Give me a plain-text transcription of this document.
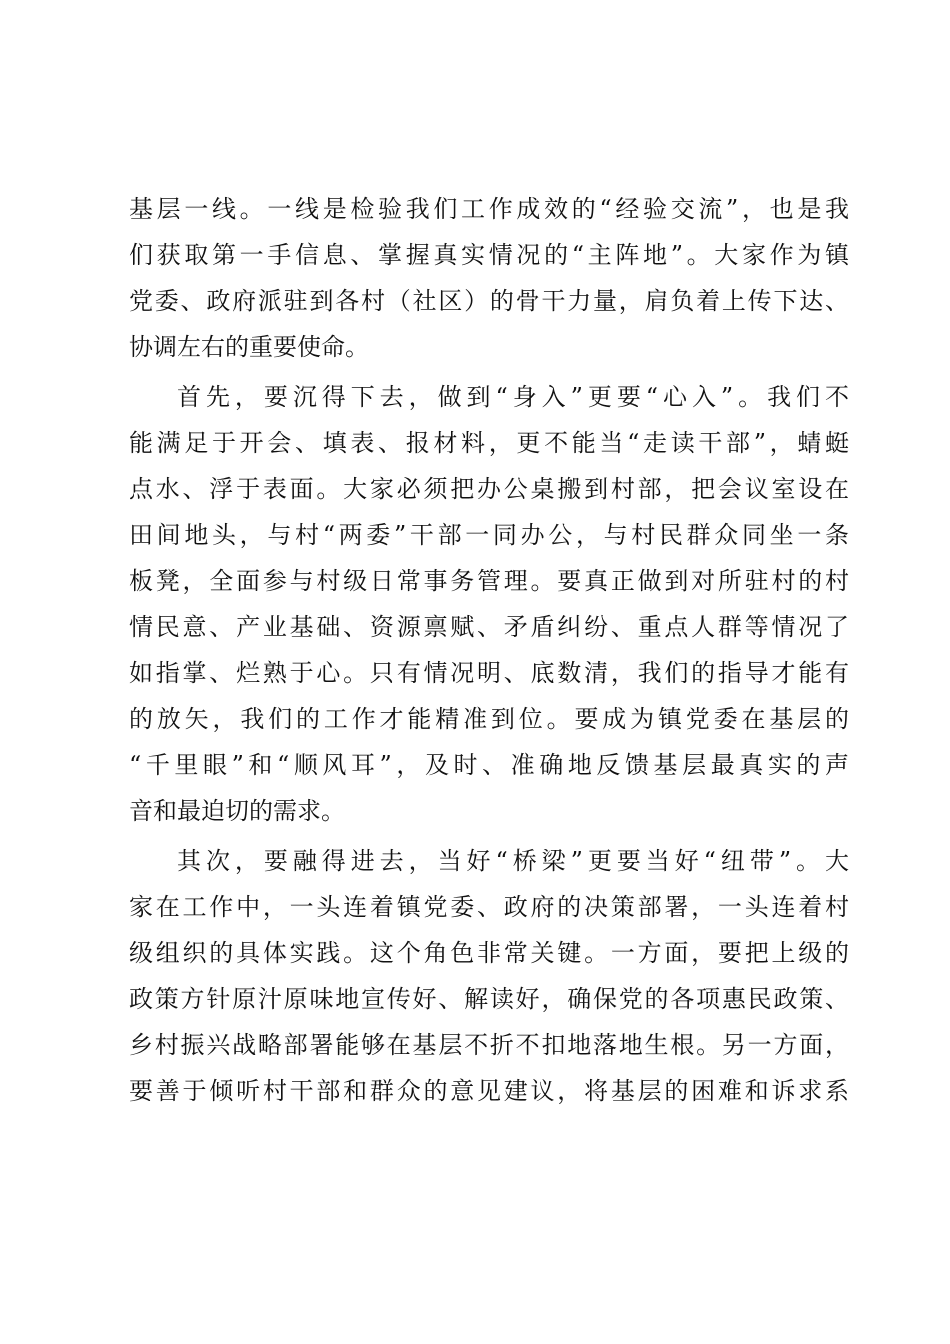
基层一线。一线是检验我们工作成效的“经验交流”，也是我
们获取第一手信息、掌握真实情况的“主阵地”。大家作为镇
党委、政府派驻到各村（社区）的骨干力量，肩负着上传下达、
协调左右的重要使命。
首先，要沉得下去，做到“身入”更要“心入”。我们不
能满足于开会、填表、报材料，更不能当“走读干部”，蜻蜓
点水、浮于表面。大家必须把办公桌搬到村部，把会议室设在
田间地头，与村“两委”干部一同办公，与村民群众同坐一条
板凳，全面参与村级日常事务管理。要真正做到对所驻村的村
情民意、产业基础、资源禀赋、矛盾纠纷、重点人群等情况了
如指掌、烂熟于心。只有情况明、底数清，我们的指导才能有
的放矢，我们的工作才能精准到位。要成为镇党委在基层的
“千里眼”和“顺风耳”，及时、准确地反馈基层最真实的声
音和最迫切的需求。
其次，要融得进去，当好“桥梁”更要当好“纽带”。大
家在工作中，一头连着镇党委、政府的决策部署，一头连着村
级组织的具体实践。这个角色非常关键。一方面，要把上级的
政策方针原汁原味地宣传好、解读好，确保党的各项惠民政策、
乡村振兴战略部署能够在基层不折不扣地落地生根。另一方面，
要善于倾听村干部和群众的意见建议，将基层的困难和诉求系
